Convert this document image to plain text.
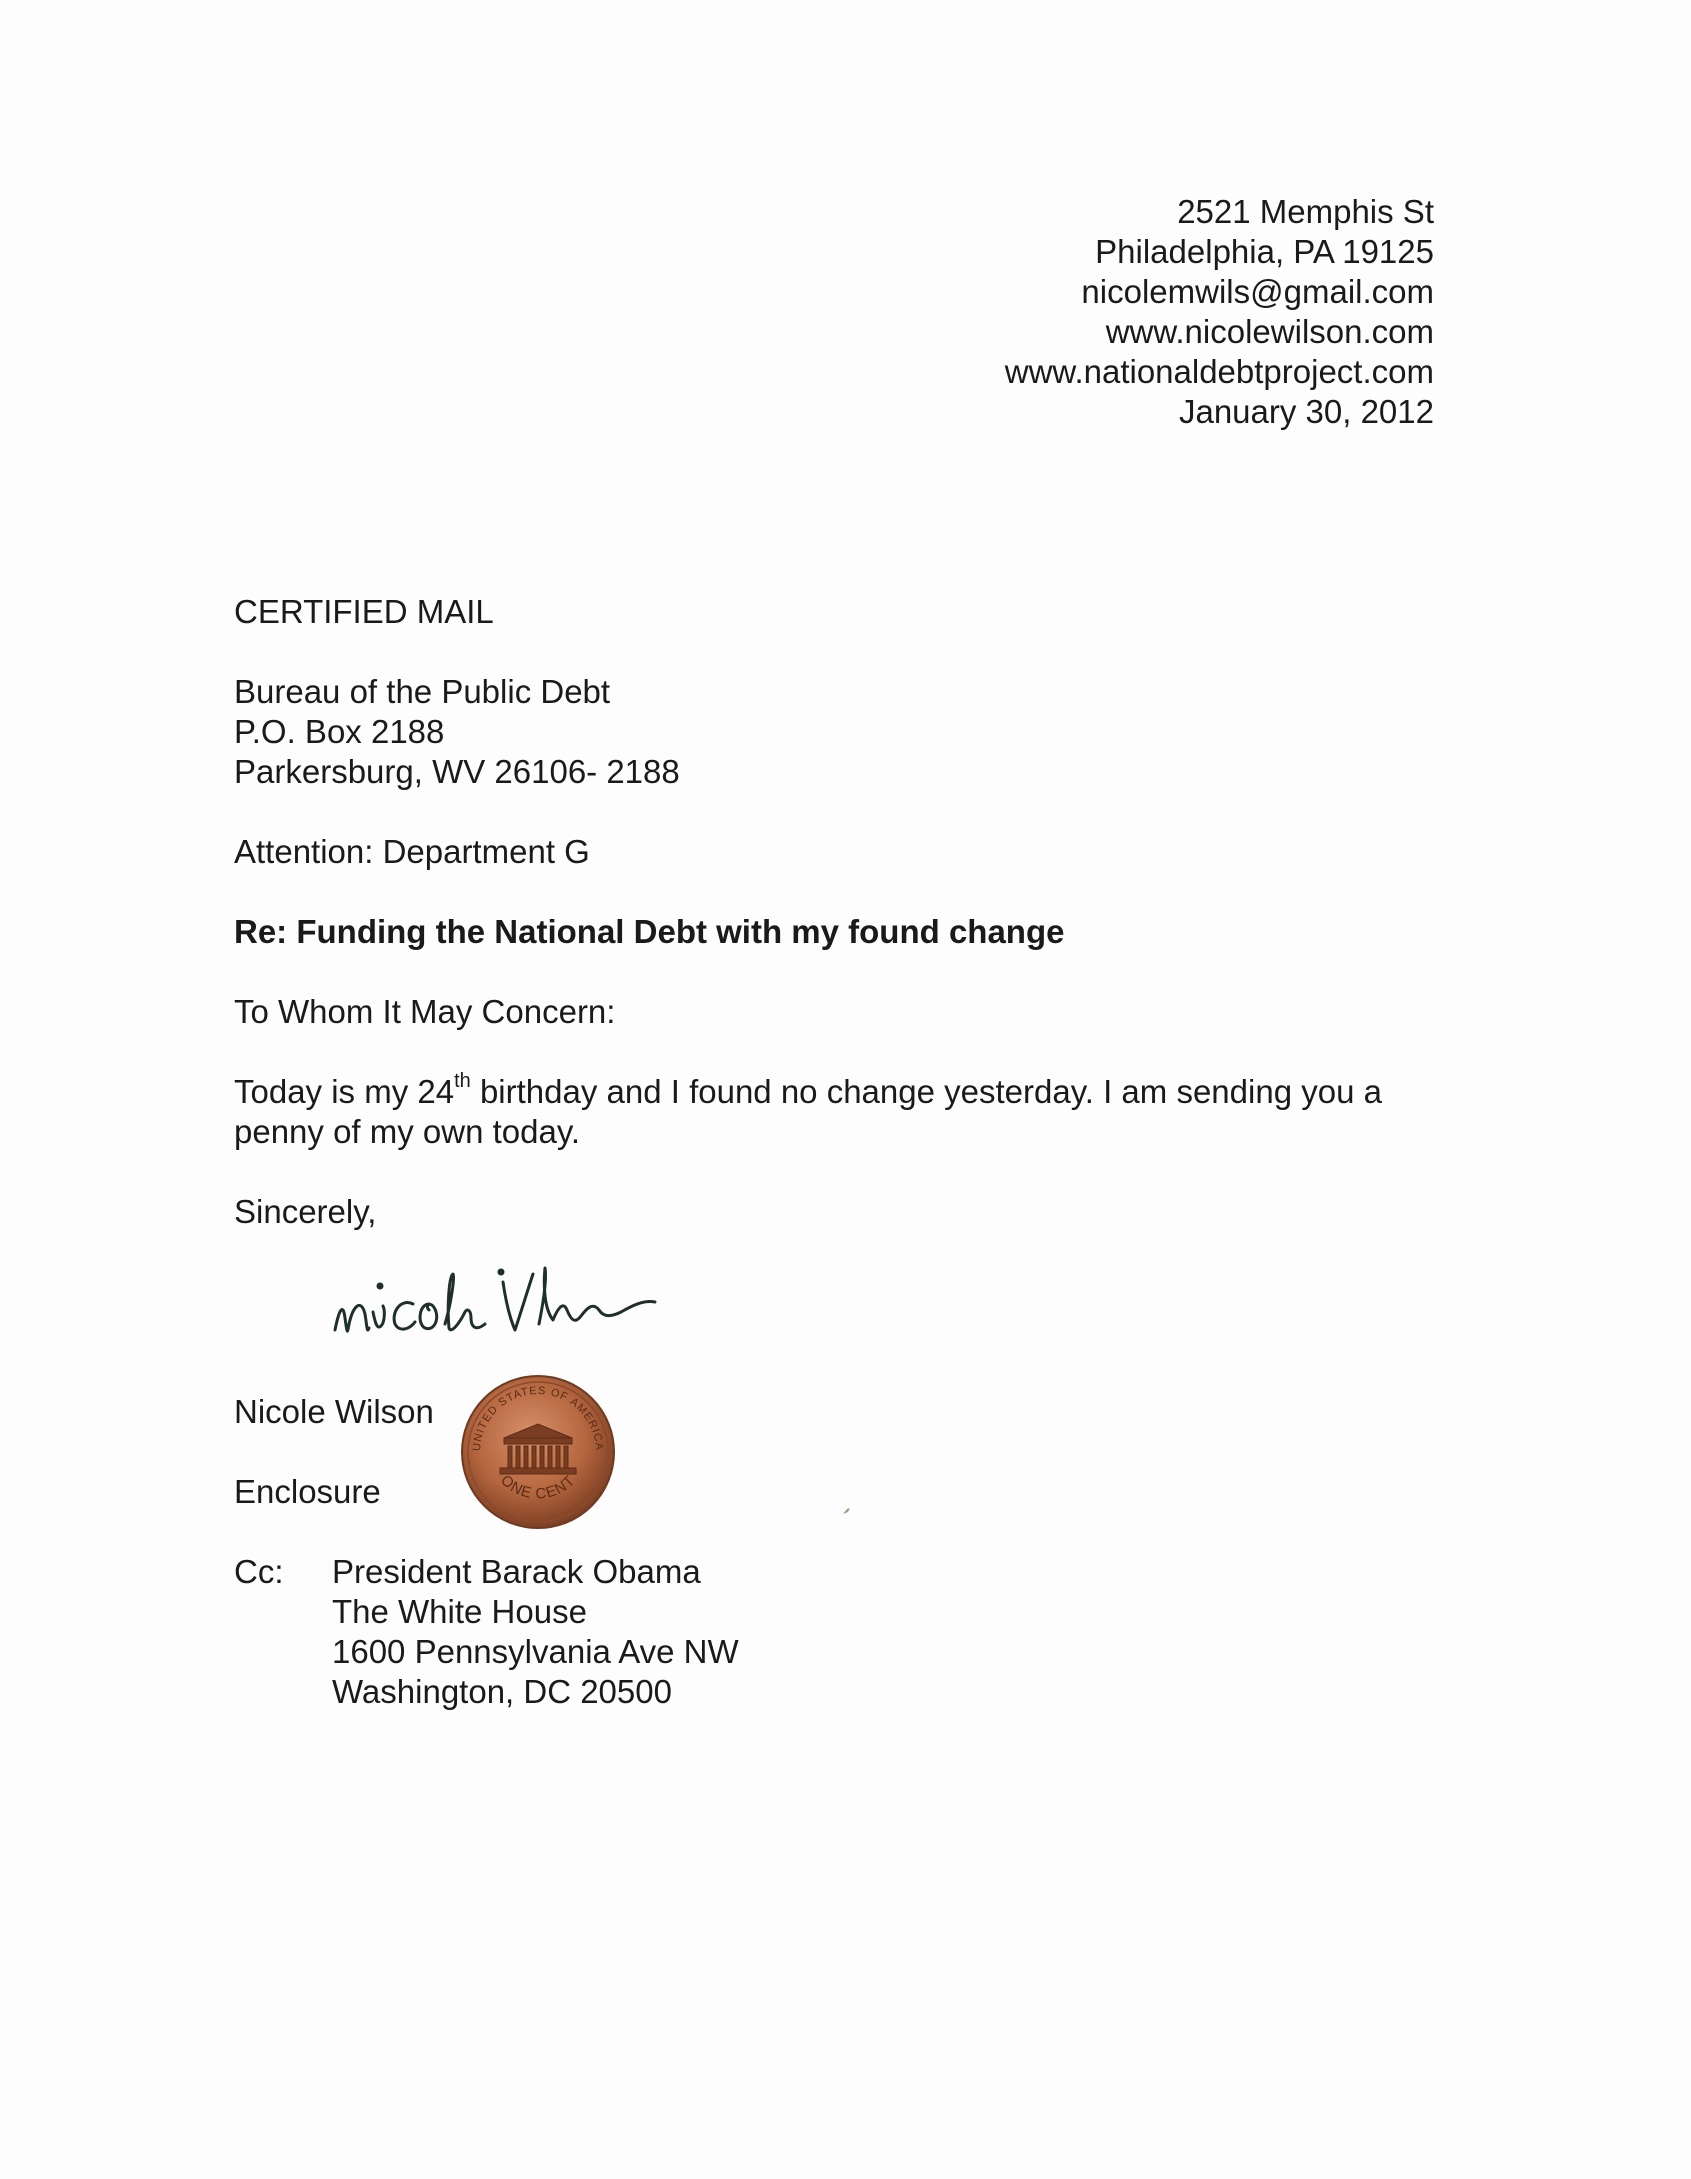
2521 Memphis St
Philadelphia, PA 19125
nicolemwils@gmail.com
www.nicolewilson.com
www.nationaldebtproject.com
January 30, 2012
CERTIFIED MAIL
Bureau of the Public Debt
P.O. Box 2188
Parkersburg, WV 26106- 2188
Attention: Department G
Re: Funding the National Debt with my found change
To Whom It May Concern:
Today is my 24th birthday and I found no change yesterday. I am sending you a penny of my own today.
Sincerely,
Nicole Wilson
Enclosure
UNITED STATES OF AMERICA
ONE CENT
Cc: President Barack Obama
The White House
1600 Pennsylvania Ave NW
Washington, DC 20500
